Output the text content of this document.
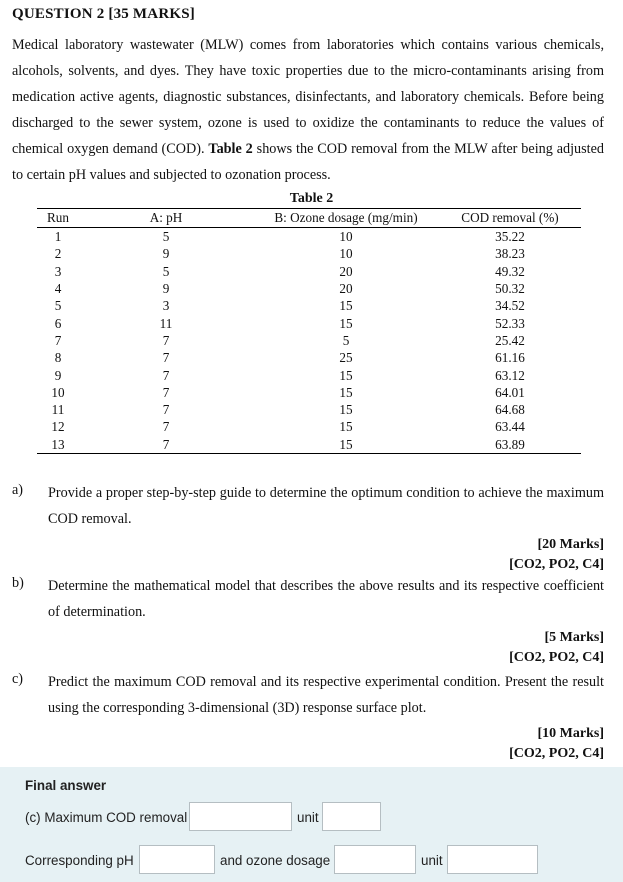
QUESTION 2 [35 MARKS]
Medical laboratory wastewater (MLW) comes from laboratories which contains various chemicals, alcohols, solvents, and dyes. They have toxic properties due to the micro-contaminants arising from medication active agents, diagnostic substances, disinfectants, and laboratory chemicals. Before being discharged to the sewer system, ozone is used to oxidize the contaminants to reduce the values of chemical oxygen demand (COD). Table 2 shows the COD removal from the MLW after being adjusted to certain pH values and subjected to ozonation process.
Table 2
Run	A: pH	B: Ozone dosage (mg/min)	COD removal (%)
1	5	10	35.22
2	9	10	38.23
3	5	20	49.32
4	9	20	50.32
5	3	15	34.52
6	11	15	52.33
7	7	5	25.42
8	7	25	61.16
9	7	15	63.12
10	7	15	64.01
11	7	15	64.68
12	7	15	63.44
13	7	15	63.89
a) Provide a proper step-by-step guide to determine the optimum condition to achieve the maximum COD removal.
[20 Marks]
[CO2, PO2, C4]
b) Determine the mathematical model that describes the above results and its respective coefficient of determination.
[5 Marks]
[CO2, PO2, C4]
c) Predict the maximum COD removal and its respective experimental condition. Present the result using the corresponding 3-dimensional (3D) response surface plot.
[10 Marks]
[CO2, PO2, C4]
Final answer
(c) Maximum COD removal	unit
Corresponding pH	and ozone dosage	unit
